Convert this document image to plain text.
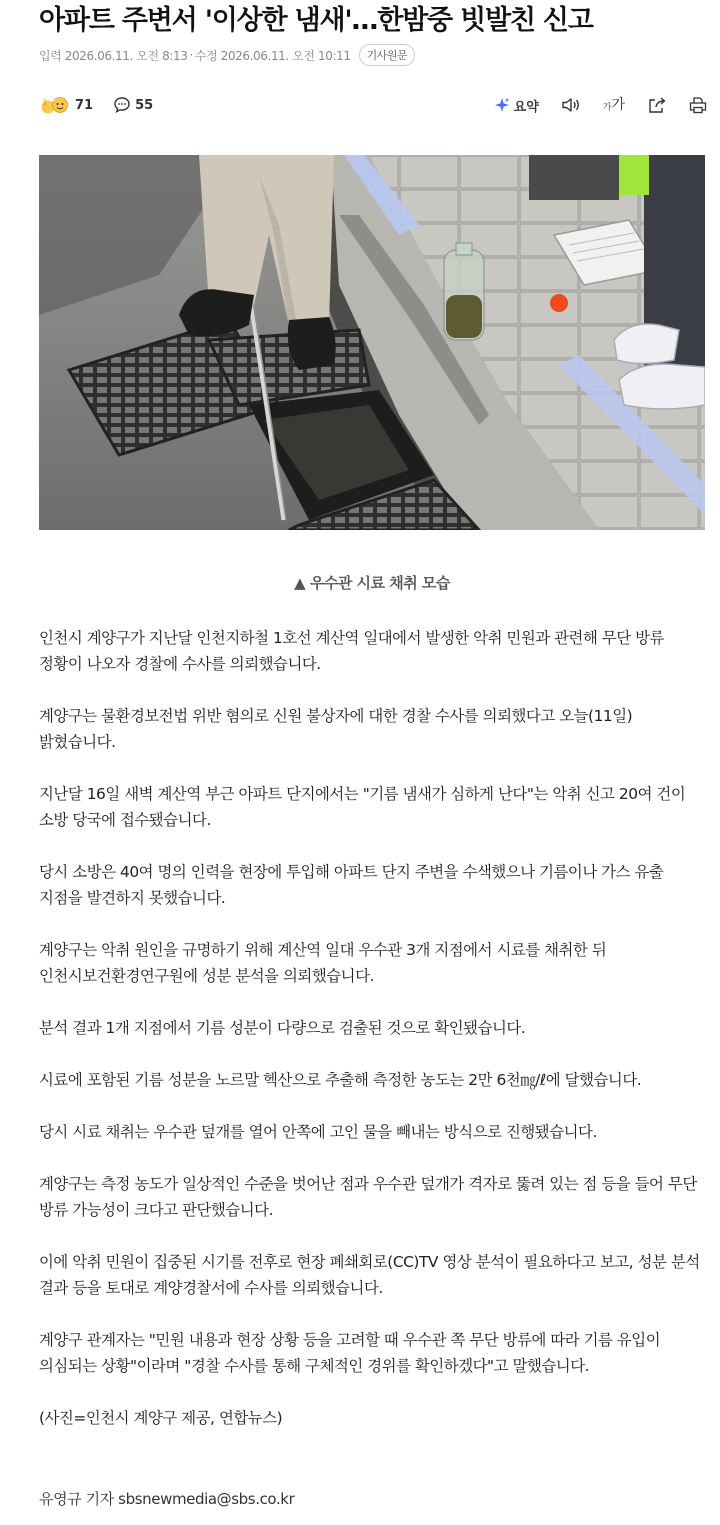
아파트 주변서 '이상한 냄새'…한밤중 빗발친 신고
입력 2026.06.11. 오전 8:13 · 수정 2026.06.11. 오전 10:11	기사원문
71	55	요약	가 가
▲ 우수관 시료 채취 모습

인천시 계양구가 지난달 인천지하철 1호선 계산역 일대에서 발생한 악취 민원과 관련해 무단 방류 정황이 나오자 경찰에 수사를 의뢰했습니다.

계양구는 물환경보전법 위반 혐의로 신원 불상자에 대한 경찰 수사를 의뢰했다고 오늘(11일) 밝혔습니다.

지난달 16일 새벽 계산역 부근 아파트 단지에서는 "기름 냄새가 심하게 난다"는 악취 신고 20여 건이 소방 당국에 접수됐습니다.

당시 소방은 40여 명의 인력을 현장에 투입해 아파트 단지 주변을 수색했으나 기름이나 가스 유출 지점을 발견하지 못했습니다.

계양구는 악취 원인을 규명하기 위해 계산역 일대 우수관 3개 지점에서 시료를 채취한 뒤 인천시보건환경연구원에 성분 분석을 의뢰했습니다.

분석 결과 1개 지점에서 기름 성분이 다량으로 검출된 것으로 확인됐습니다.

시료에 포함된 기름 성분을 노르말 헥산으로 추출해 측정한 농도는 2만 6천㎎/ℓ에 달했습니다.

당시 시료 채취는 우수관 덮개를 열어 안쪽에 고인 물을 빼내는 방식으로 진행됐습니다.

계양구는 측정 농도가 일상적인 수준을 벗어난 점과 우수관 덮개가 격자로 뚫려 있는 점 등을 들어 무단 방류 가능성이 크다고 판단했습니다.

이에 악취 민원이 집중된 시기를 전후로 현장 폐쇄회로(CC)TV 영상 분석이 필요하다고 보고, 성분 분석 결과 등을 토대로 계양경찰서에 수사를 의뢰했습니다.

계양구 관계자는 "민원 내용과 현장 상황 등을 고려할 때 우수관 쪽 무단 방류에 따라 기름 유입이 의심되는 상황"이라며 "경찰 수사를 통해 구체적인 경위를 확인하겠다"고 말했습니다.

(사진=인천시 계양구 제공, 연합뉴스)

유영규 기자 sbsnewmedia@sbs.co.kr
